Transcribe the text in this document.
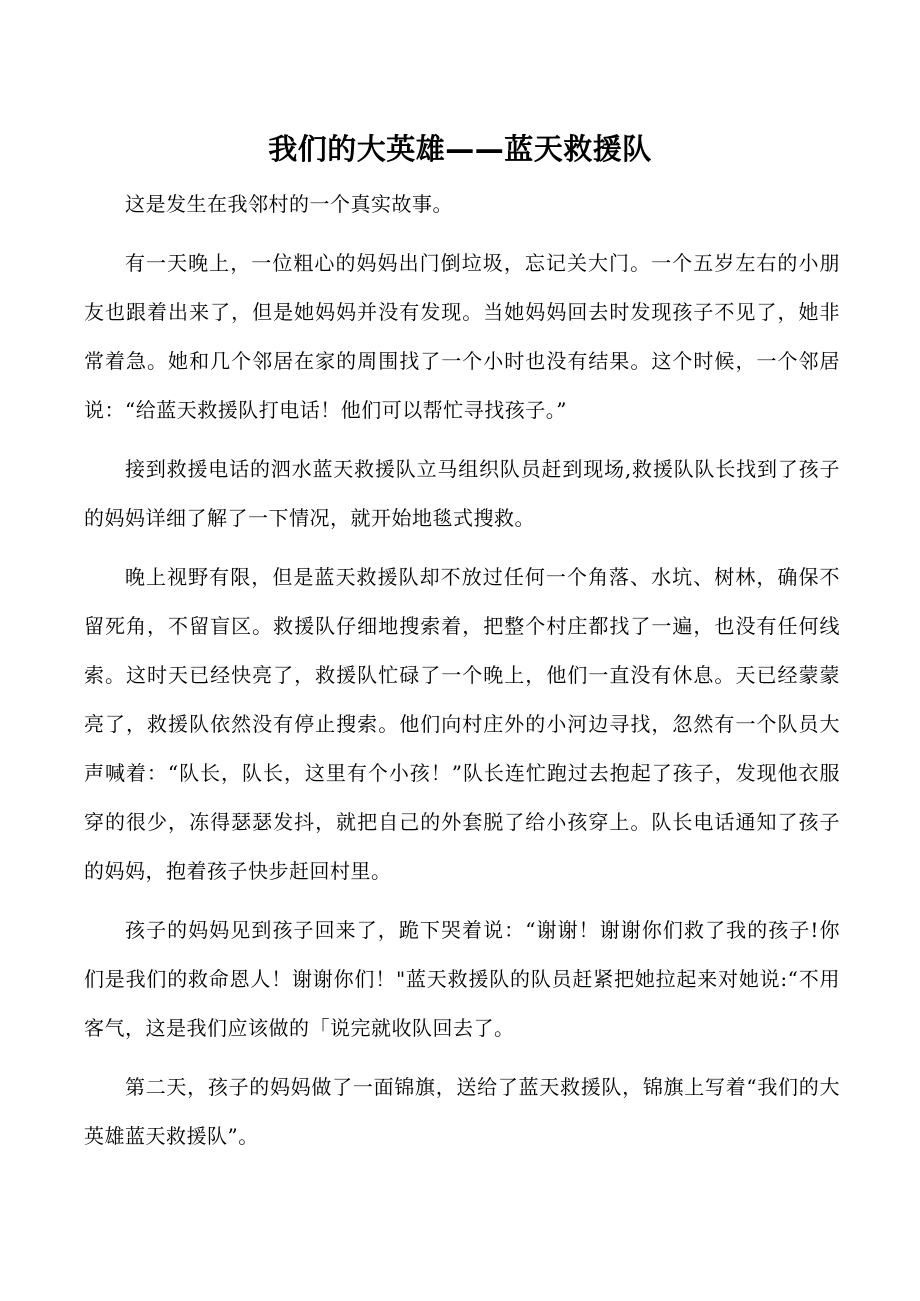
我们的大英雄——蓝天救援队

这是发生在我邻村的一个真实故事。

有一天晚上，一位粗心的妈妈出门倒垃圾，忘记关大门。一个五岁左右的小朋友也跟着出来了，但是她妈妈并没有发现。当她妈妈回去时发现孩子不见了，她非常着急。她和几个邻居在家的周围找了一个小时也没有结果。这个时候，一个邻居说：“给蓝天救援队打电话！他们可以帮忙寻找孩子。”

接到救援电话的泗水蓝天救援队立马组织队员赶到现场,救援队队长找到了孩子的妈妈详细了解了一下情况，就开始地毯式搜救。

晚上视野有限，但是蓝天救援队却不放过任何一个角落、水坑、树林，确保不留死角，不留盲区。救援队仔细地搜索着，把整个村庄都找了一遍，也没有任何线索。这时天已经快亮了，救援队忙碌了一个晚上，他们一直没有休息。天已经蒙蒙亮了，救援队依然没有停止搜索。他们向村庄外的小河边寻找，忽然有一个队员大声喊着：“队长，队长，这里有个小孩！”队长连忙跑过去抱起了孩子，发现他衣服穿的很少，冻得瑟瑟发抖，就把自己的外套脱了给小孩穿上。队长电话通知了孩子的妈妈，抱着孩子快步赶回村里。

孩子的妈妈见到孩子回来了，跪下哭着说：“谢谢！谢谢你们救了我的孩子!你们是我们的救命恩人！谢谢你们！"蓝天救援队的队员赶紧把她拉起来对她说:“不用客气，这是我们应该做的「说完就收队回去了。

第二天，孩子的妈妈做了一面锦旗，送给了蓝天救援队，锦旗上写着“我们的大英雄蓝天救援队”。
